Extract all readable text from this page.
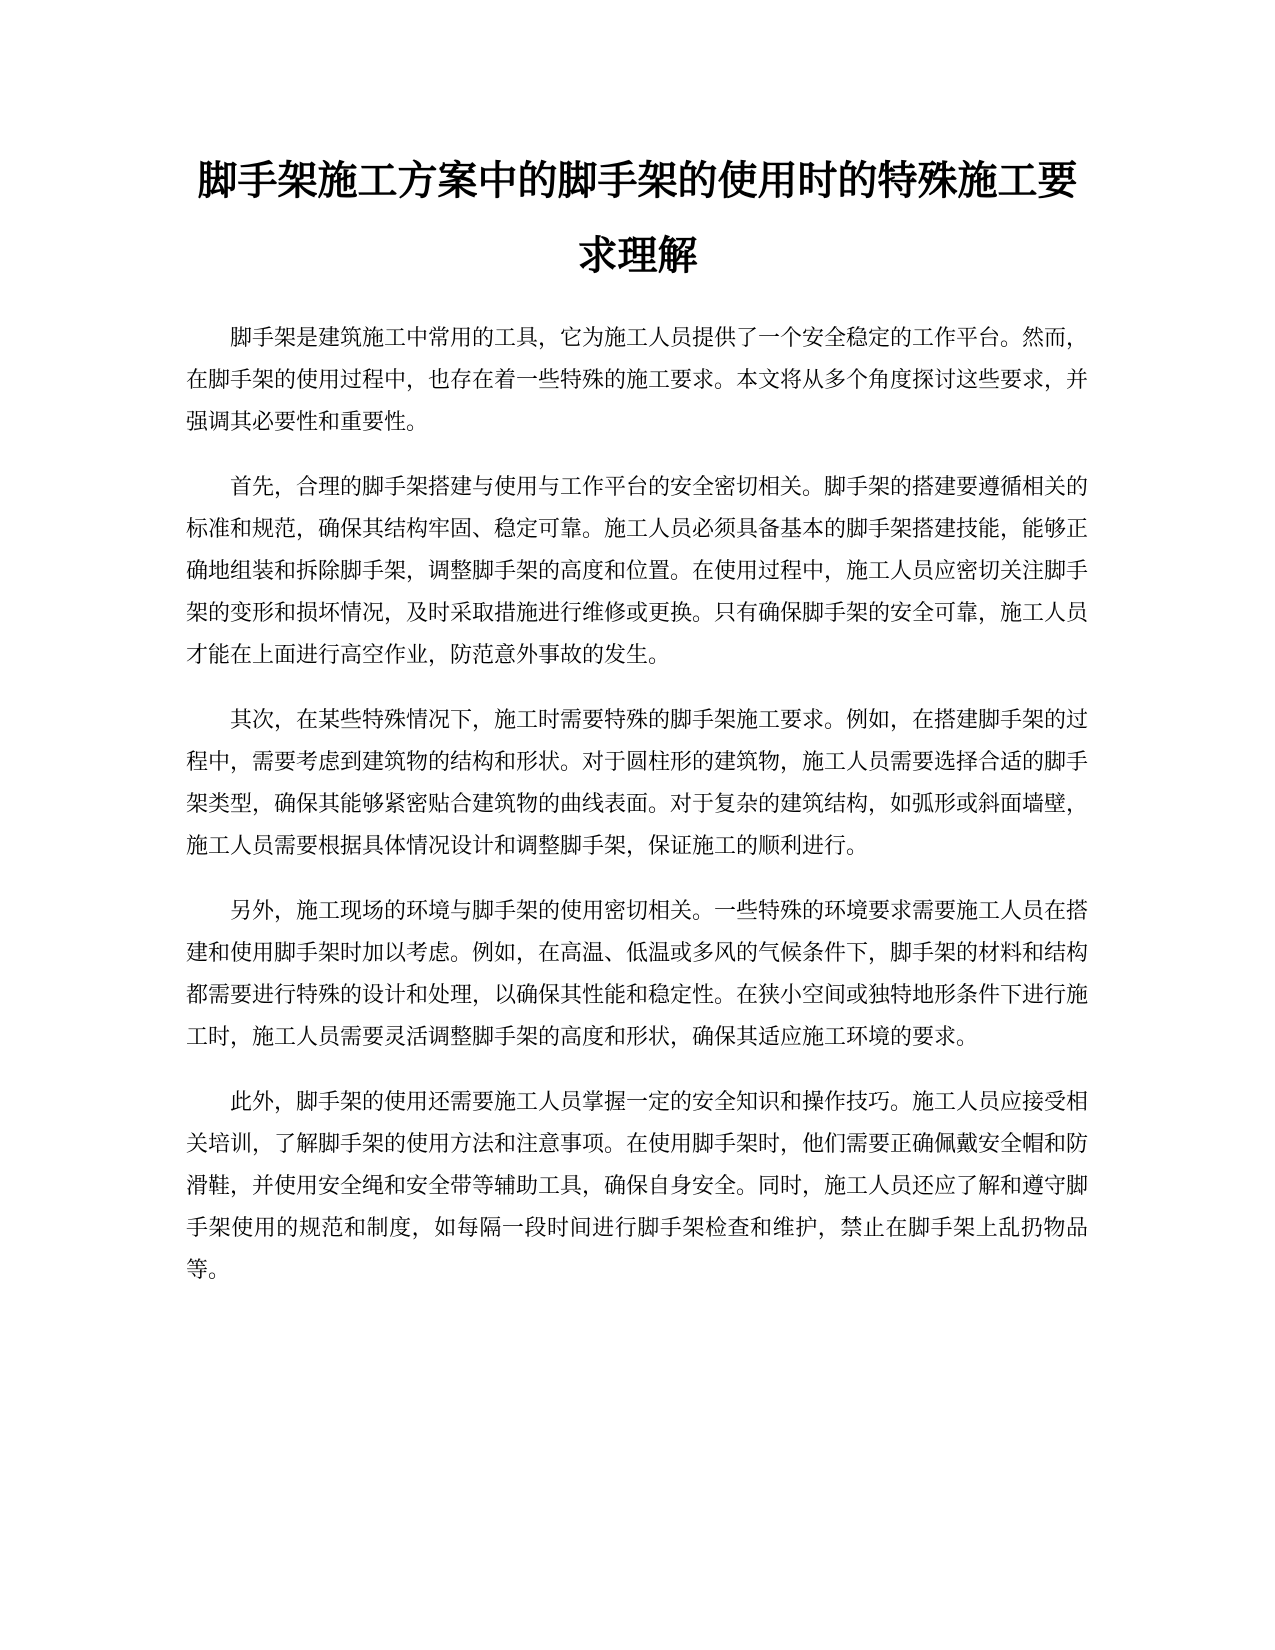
脚手架施工方案中的脚手架的使用时的特殊施工要求理解

脚手架是建筑施工中常用的工具，它为施工人员提供了一个安全稳定的工作平台。然而，在脚手架的使用过程中，也存在着一些特殊的施工要求。本文将从多个角度探讨这些要求，并强调其必要性和重要性。

首先，合理的脚手架搭建与使用与工作平台的安全密切相关。脚手架的搭建要遵循相关的标准和规范，确保其结构牢固、稳定可靠。施工人员必须具备基本的脚手架搭建技能，能够正确地组装和拆除脚手架，调整脚手架的高度和位置。在使用过程中，施工人员应密切关注脚手架的变形和损坏情况，及时采取措施进行维修或更换。只有确保脚手架的安全可靠，施工人员才能在上面进行高空作业，防范意外事故的发生。

其次，在某些特殊情况下，施工时需要特殊的脚手架施工要求。例如，在搭建脚手架的过程中，需要考虑到建筑物的结构和形状。对于圆柱形的建筑物，施工人员需要选择合适的脚手架类型，确保其能够紧密贴合建筑物的曲线表面。对于复杂的建筑结构，如弧形或斜面墙壁，施工人员需要根据具体情况设计和调整脚手架，保证施工的顺利进行。

另外，施工现场的环境与脚手架的使用密切相关。一些特殊的环境要求需要施工人员在搭建和使用脚手架时加以考虑。例如，在高温、低温或多风的气候条件下，脚手架的材料和结构都需要进行特殊的设计和处理，以确保其性能和稳定性。在狭小空间或独特地形条件下进行施工时，施工人员需要灵活调整脚手架的高度和形状，确保其适应施工环境的要求。

此外，脚手架的使用还需要施工人员掌握一定的安全知识和操作技巧。施工人员应接受相关培训，了解脚手架的使用方法和注意事项。在使用脚手架时，他们需要正确佩戴安全帽和防滑鞋，并使用安全绳和安全带等辅助工具，确保自身安全。同时，施工人员还应了解和遵守脚手架使用的规范和制度，如每隔一段时间进行脚手架检查和维护，禁止在脚手架上乱扔物品等。
